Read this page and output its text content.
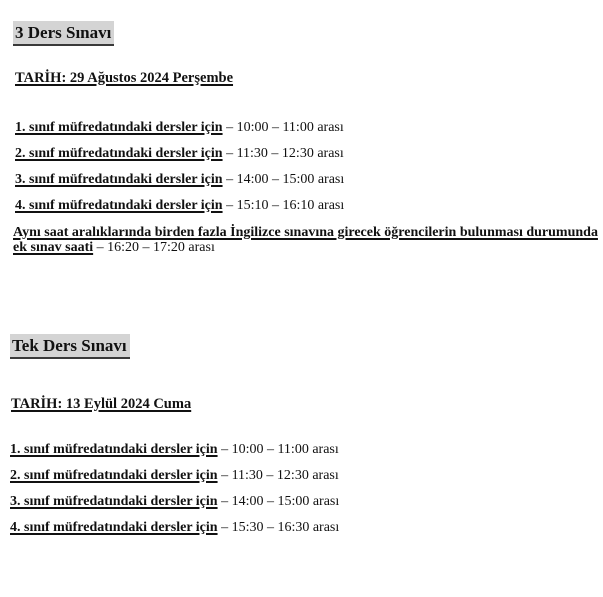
3 Ders Sınavı
TARİH: 29 Ağustos 2024 Perşembe
1. sınıf müfredatındaki dersler için – 10:00 – 11:00 arası
2. sınıf müfredatındaki dersler için – 11:30 – 12:30 arası
3. sınıf müfredatındaki dersler için – 14:00 – 15:00 arası
4. sınıf müfredatındaki dersler için – 15:10 – 16:10 arası
Aynı saat aralıklarında birden fazla İngilizce sınavına girecek öğrencilerin bulunması durumunda ek sınav saati – 16:20 – 17:20 arası
Tek Ders Sınavı
TARİH: 13 Eylül 2024 Cuma
1. sınıf müfredatındaki dersler için – 10:00 – 11:00 arası
2. sınıf müfredatındaki dersler için – 11:30 – 12:30 arası
3. sınıf müfredatındaki dersler için – 14:00 – 15:00 arası
4. sınıf müfredatındaki dersler için – 15:30 – 16:30 arası
